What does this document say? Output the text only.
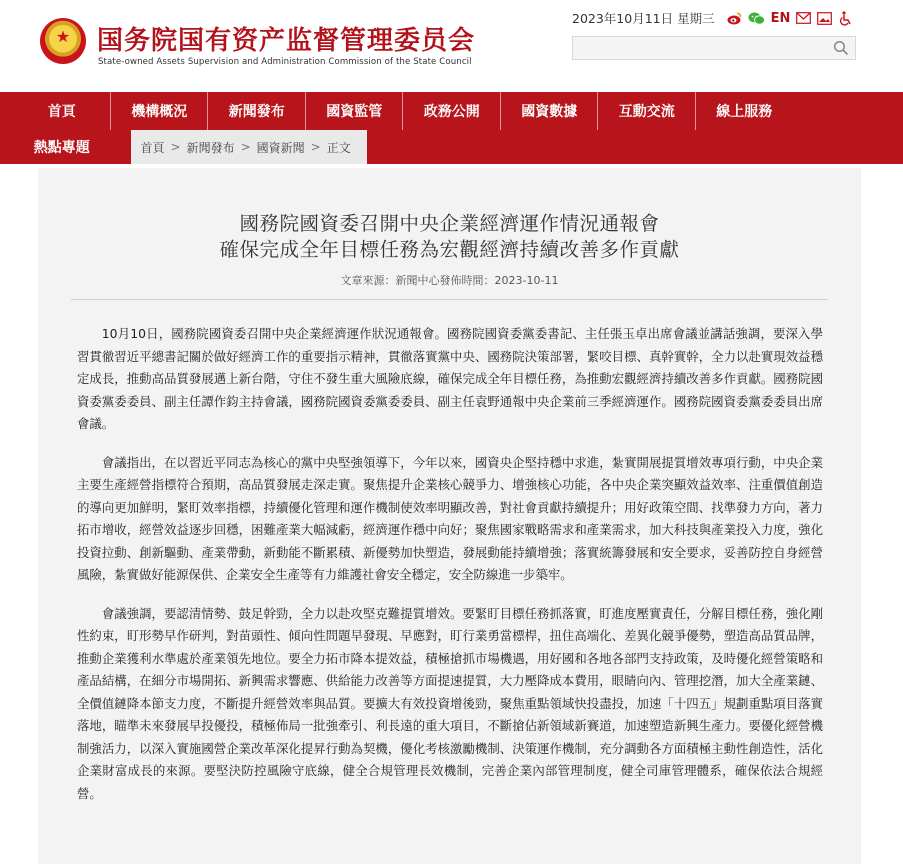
★ 国务院国有资产监督管理委员会
State-owned Assets Supervision and Administration Commission of the State Council
2023年10月11日 星期三	EN
首頁	機構概況	新聞發布	國資監管	政務公開	國資數據	互動交流	線上服務
熱點專題	首頁 > 新聞發布 > 國資新聞 > 正文
國務院國資委召開中央企業經濟運作情況通報會
確保完成全年目標任務為宏觀經濟持續改善多作貢獻
文章來源：新聞中心發佈時間：2023-10-11

10月10日，國務院國資委召開中央企業經濟運作狀況通報會。國務院國資委黨委書記、主任張玉卓出席會議並講話強調，要深入學習貫徹習近平總書記關於做好經濟工作的重要指示精神，貫徹落實黨中央、國務院決策部署，緊咬目標、真幹實幹，全力以赴實現效益穩定成長，推動高品質發展邁上新台階，守住不發生重大風險底線，確保完成全年目標任務，為推動宏觀經濟持續改善多作貢獻。國務院國資委黨委委員、副主任譚作鈞主持會議，國務院國資委黨委委員、副主任袁野通報中央企業前三季經濟運作。國務院國資委黨委委員出席會議。

會議指出，在以習近平同志為核心的黨中央堅強領導下，今年以來，國資央企堅持穩中求進，紮實開展提質增效專項行動，中央企業主要生產經營指標符合預期，高品質發展走深走實。聚焦提升企業核心競爭力、增強核心功能，各中央企業突顯效益效率、注重價值創造的導向更加鮮明，緊盯效率指標，持續優化管理和運作機制使效率明顯改善，對社會貢獻持續提升；用好政策空間、找準發力方向，著力拓市增收，經營效益逐步回穩，困難產業大幅減虧，經濟運作穩中向好；聚焦國家戰略需求和產業需求，加大科技與產業投入力度，強化投資拉動、創新驅動、產業帶動，新動能不斷累積、新優勢加快塑造，發展動能持續增強；落實統籌發展和安全要求，妥善防控自身經營風險，紮實做好能源保供、企業安全生產等有力維護社會安全穩定，安全防線進一步築牢。

會議強調，要認清情勢、鼓足幹勁，全力以赴攻堅克難提質增效。要緊盯目標任務抓落實，盯進度壓實責任，分解目標任務，強化剛性約束，盯形勢早作研判，對苗頭性、傾向性問題早發現、早應對，盯行業勇當標桿，扭住高端化、差異化競爭優勢，塑造高品質品牌，推動企業獲利水準處於產業領先地位。要全力拓市降本提效益，積極搶抓市場機遇，用好國和各地各部門支持政策，及時優化經營策略和產品結構，在細分市場開拓、新興需求響應、供給能力改善等方面提速提質，大力壓降成本費用，眼睛向內、管理挖潛，加大全產業鏈、全價值鏈降本節支力度，不斷提升經營效率與品質。要擴大有效投資增後勁，聚焦重點領域快投盡投，加速「十四五」規劃重點項目落實落地，瞄準未來發展早投優投，積極佈局一批強牽引、利長遠的重大項目，不斷搶佔新領域新賽道，加速塑造新興生產力。要優化經營機制強活力，以深入實施國營企業改革深化提昇行動為契機，優化考核激勵機制、決策運作機制，充分調動各方面積極主動性創造性，活化企業財富成長的來源。要堅決防控風險守底線，健全合規管理長效機制，完善企業內部管理制度，健全司庫管理體系，確保依法合規經營。
